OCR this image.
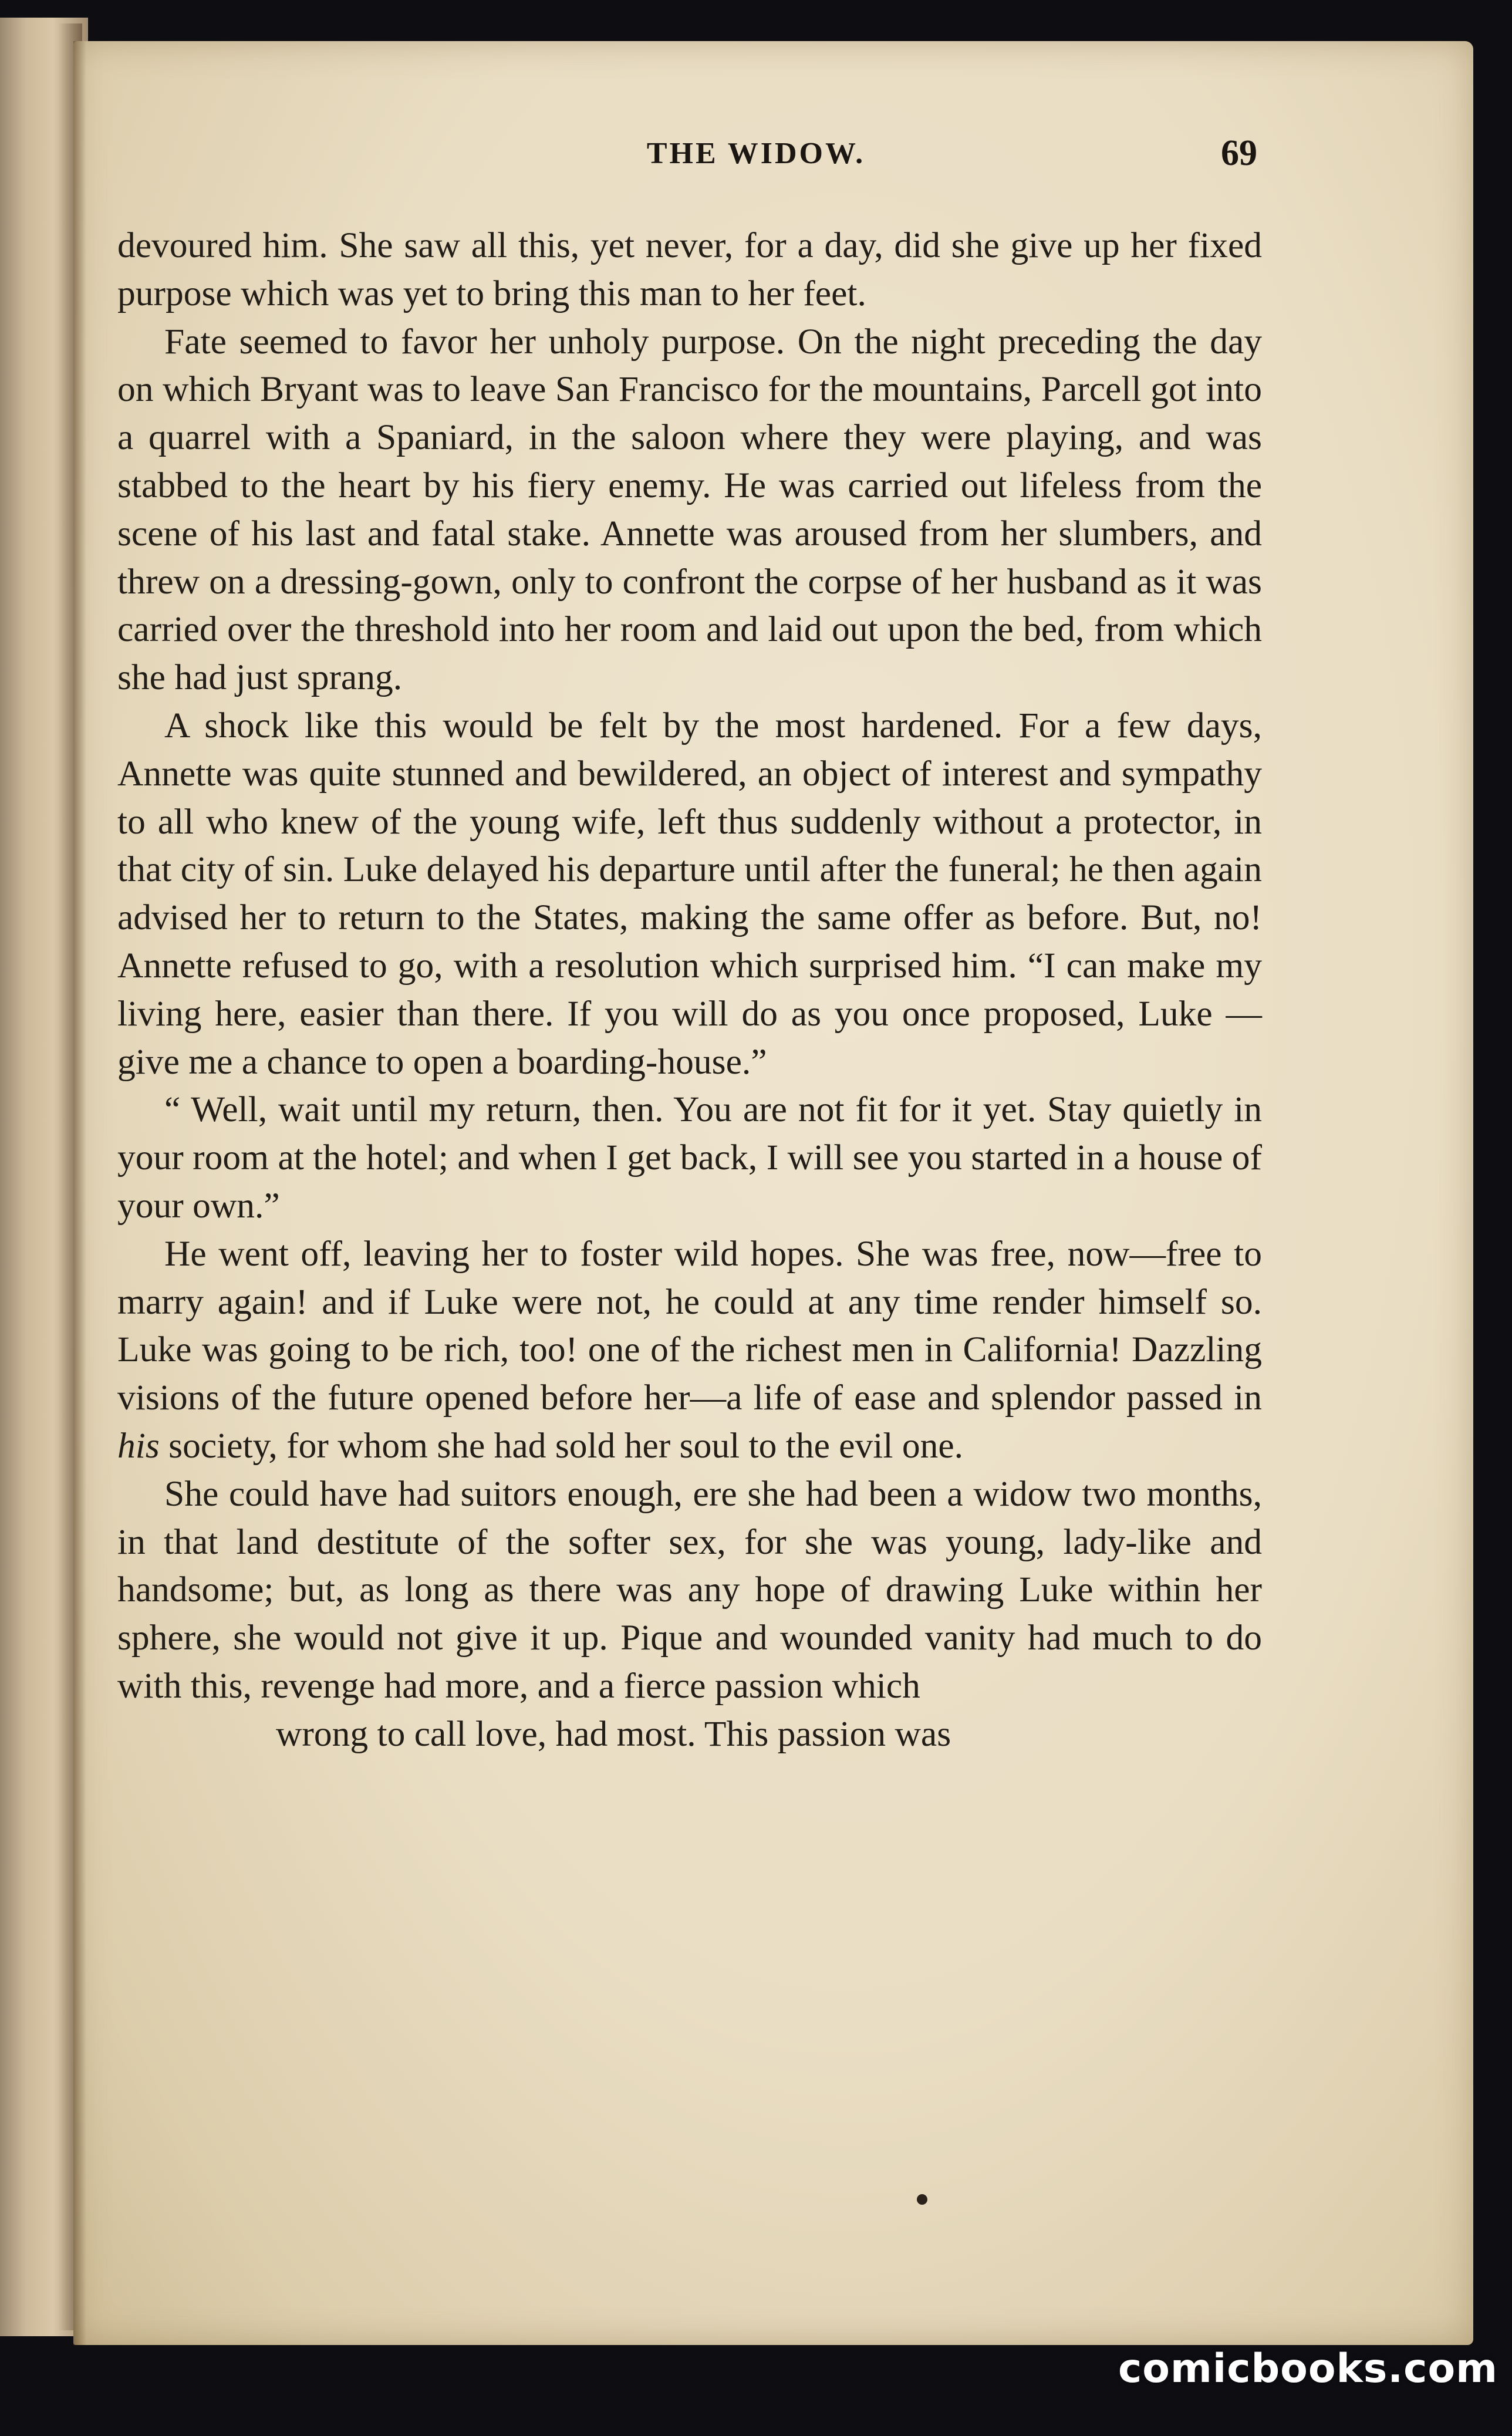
THE WIDOW.	69

devoured him. She saw all this, yet never, for a day, did she give up her fixed purpose which was yet to bring this man to her feet.

Fate seemed to favor her unholy purpose. On the night preceding the day on which Bryant was to leave San Francisco for the mountains, Parcell got into a quarrel with a Spaniard, in the saloon where they were playing, and was stabbed to the heart by his fiery enemy. He was carried out lifeless from the scene of his last and fatal stake. Annette was aroused from her slumbers, and threw on a dressing-gown, only to confront the corpse of her husband as it was carried over the threshold into her room and laid out upon the bed, from which she had just sprang.

A shock like this would be felt by the most hardened. For a few days, Annette was quite stunned and bewildered, an object of interest and sympathy to all who knew of the young wife, left thus suddenly without a protector, in that city of sin. Luke delayed his departure until after the funeral; he then again advised her to return to the States, making the same offer as before. But, no! Annette refused to go, with a resolution which surprised him. “I can make my living here, easier than there. If you will do as you once proposed, Luke —give me a chance to open a boarding-house.”

“ Well, wait until my return, then. You are not fit for it yet. Stay quietly in your room at the hotel; and when I get back, I will see you started in a house of your own.”

He went off, leaving her to foster wild hopes. She was free, now—free to marry again! and if Luke were not, he could at any time render himself so. Luke was going to be rich, too! one of the richest men in California! Dazzling visions of the future opened before her—a life of ease and splendor passed in his society, for whom she had sold her soul to the evil one.

She could have had suitors enough, ere she had been a widow two months, in that land destitute of the softer sex, for she was young, lady-like and handsome; but, as long as there was any hope of drawing Luke within her sphere, she would not give it up. Pique and wounded vanity had much to do with this, revenge had more, and a fierce passion which

wrong to call love, had most. This passion was

comicbooks.com
